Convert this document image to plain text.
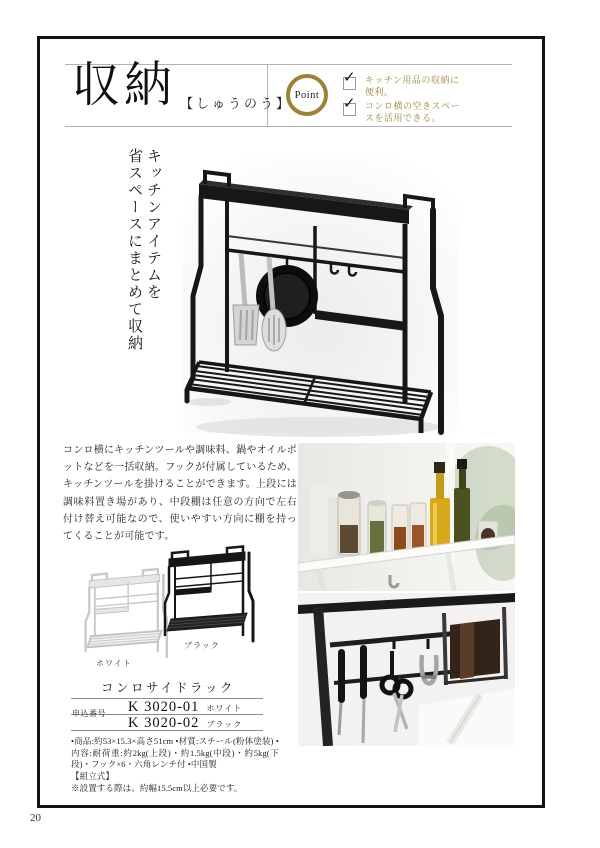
収納 【しゅうのう】
Point
✓ キッチン用品の収納に便利。
✓ コンロ横の空きスペースを活用できる。
キッチンアイテムを
省スペースにまとめて収納
コンロ横にキッチンツールや調味料、鍋やオイルポットなどを一括収納。フックが付属しているため、キッチンツールを掛けることができます。上段には調味料置き場があり、中段棚は任意の方向で左右付け替え可能なので、使いやすい方向に棚を持ってくることが可能です。
ホワイト
ブラック
コンロサイドラック
申込番号 K 3020-01 ホワイト
K 3020-02 ブラック

•商品:約53×15.3×高さ51cm •材質:スチール(粉体塗装) •内容:耐荷重:約2kg(上段)・約1.5kg(中段)・約5kg(下段)・フック×6・六角レンチ付 •中国製

【組立式】

※設置する際は、約幅15.5cm以上必要です。

20
